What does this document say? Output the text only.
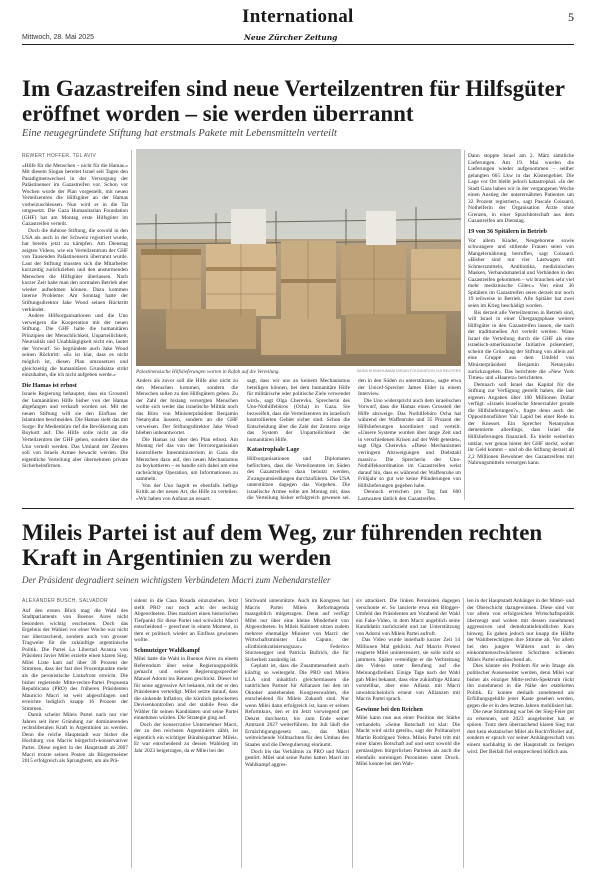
Mittwoch, 28. Mai 2025
International
Neue Zürcher Zeitung
5
Im Gazastreifen sind neue Verteilzentren für Hilfsgüter eröffnet worden – sie werden überrannt
Eine neugegründete Stiftung hat erstmals Pakete mit Lebensmitteln verteilt
REWERT HOFFER, TEL AVIV

«Hilfe für die Menschen – nicht für die Hamas.» Mit diesem Slogan bereitet Israel seit Tagen den Paradigmenwechsel in der Versorgung der Palästinenser im Gazastreifen vor. Schon vor Wochen wurde der Plan vorgestellt, mit neuen Verteilzentren die Hilfsgüter an der Hamas vorbeizuschleusen. Nun wird er in die Tat umgesetzt. Die Gaza Humanitarian Foundation (GHF) hat am Montag erste Hilfsgüter im Gazastreifen verteilt.

Doch die dubiose Stiftung, die sowohl in den USA als auch in der Schweiz registriert wurde, hat bereits jetzt zu kämpfen. Am Dienstag zeigten Videos, wie ein Verteilzentrum der GHF von Tausenden Palästinensern überrannt wurde. Laut der Stiftung mussten sich die Mitarbeiter kurzzeitig zurückziehen und den ansturmenden Menschen die Hilfsgüter überlassen. Nach kurzer Zeit habe man den normalen Betrieb aber wieder aufnehmen können. Dazu kommen interne Probleme: Am Sonntag hatte der Stiftungsdirektor Jake Wood seinen Rücktritt verkündet.

Andere Hilfsorganisationen und die Uno verweigern die Kooperation mit der neuen Stiftung. Die GHF halte die humanitären Prinzipien der Menschlichkeit, Unparteilichkeit, Neutralität und Unabhängigkeit nicht ein, lautet der Vorwurf. So begründete auch Jake Wood seinen Rücktritt: «Es ist klar, dass es nicht möglich ist, diesen Plan umzusetzen und gleichzeitig die humanitären Grundsätze strikt einzuhalten, die ich nicht aufgeben werde.»

Die Hamas ist erbost

Israels Regierung behauptet, dass ein Grossteil der humanitären Hilfe bisher von der Hamas abgefangen und verkauft worden sei. Mit der neuen Stiftung will sie den Einfluss der Islamisten beschneiden. Die Hamas sieht das mit Sorge: Ihr Medienbüro rief die Bevölkerung zum Boykott auf. Die Hilfe solle nicht an die Verteilzentren der GHF gehen, sondern über die Uno verteilt werden. Das Umland der Zentren soll von Israels Armee bewacht werden. Die eigentliche Verteilung aber übernehmen private Sicherheitsfirmen.

Palestinensische Hilfslieferungen warten in Rafah auf die Verteilung.	SAIDA KHAN/HUMANITARIAN FOUNDATION VIA REUTERS

Anders als zuvor soll die Hilfe also nicht zu den Menschen kommen, sondern die Menschen sollen zu den Hilfsgütern gehen. Zu der Zahl der bislang versorgten Menschen wollte sich weder das israelische Militär noch das Büro von Ministerpräsident Benjamin Netanyahu äussern, sondern an die GHF verweisen. Der Stiftungsdirektor Jake Wood blieben unbeantwortet.

Die Hamas ist über den Plan erbost. Am Montag rief das von der Terrororganisation kontrollierte Innenministerium in Gaza die Menschen dazu auf, den neuen Mechanismus zu boykottieren – es handle sich dabei um eine rachsüchtige Operation, um Informationen zu sammeln.

Von der Uno hagelt es ebenfalls heftige Kritik an der neuen Art, die Hilfe zu verteilen. «Wir haben von Anfang an gesagt,

sagt, dass wir uns an keinem Mechanismus beteiligen können, bei dem humanitäre Hilfe für militärische oder politische Ziele verwendet wird», sagt Olga Cherevko, Sprecherin des Uno-Nothilfebüros (Ocha) in Gaza. Sie bezweifelt, dass die Verteilzentren im israelisch kontrollierten Gebiet sicher sind. Schon die Entscheidung über die Zahl der Zentren zeige das System der Unparteilichkeit der humanitären Hilfe.

Katastrophale Lage

Hilfsorganisationen und Diplomaten befürchten, dass die Verteilzentren im Süden des Gazastreifens dazu benutzt werden, Zwangsumsiedlungen durchzuführen. Die USA unterstützen dagegen das Vorgehen. Die israelische Armee teilte am Montag mit, dass die Verteilung bisher erfolgreich gewesen sei.

den in den Süden zu unterstützen», sagte etwa der Unicef-Sprecher James Elder in einem Interview.

Die Uno widerspricht auch dem israelischen Vorwurf, dass die Hamas einen Grossteil der Hilfe abzweige. Das Nothilfebüro Ocha hat während der Waffenruhe und 35 Prozent der Hilfslieferungen koordiniert und verteilt. «Unsere Systeme wurden über lange Zeit und in verschiedenen Krisen auf der Welt getestet», sagt Olga Cherevko. «Diese Mechanismen verringern Abzweigungen und Diebstahl massiv.» Die Sprecherin der Uno-Nothilfekoordination im Gazastreifen weist darauf hin, dass es während der Waffenruhe im Frühjahr so gut wie keine Plünderungen von Hilfslieferungen gegeben habe.

Dennoch erreichen pro Tag fast 600 Lastwagen täglich den Gazastreifen.

Dann stoppte Israel am 2. März sämtliche Lieferungen. Am 19. Mai wurden die Lieferungen wieder aufgenommen – seither gelangten 665 Lkw in das Küstengebiet. Die Lage vor Ort bleibt jedoch katastrophal. «In der Stadt Gaza haben wir in der vergangenen Woche einen Anstieg der unterernährten Patienten um 32 Prozent registriert», sagt Pascale Coissard, Nothelferin der Organisation Ärzte ohne Grenzen, in einer Sprachbotschaft aus dem Gazastreifen am Dienstag.

19 von 36 Spitälern in Betrieb

Vor allem Kinder, Neugeborene sowie schwangere und stillende Frauen seien von Mangelernährung betroffen, sagt Coissard. «Bisher sind nur vier Lastwagen mit Schmerzmitteln, Antibiotika, medizinischen Masken, Verbandsmaterial und Verbänden in den Gazastreifen gekommen – wir brauchen sehr viel mehr medizinische Güter.» Von einst 36 Spitälern im Gazastreifen seien derzeit nur noch 19 teilweise in Betrieb. Alle Spitäler hat zwei seien im Krieg beschädigt worden.

Bis derzeit alle Verteilzentren in Betrieb sind, will Israel in einer Übergangsphase weitere Hilfsgüter in den Gazastreifen lassen, die nach der traditionellen Art verteilt werden. Wann Israel die Verteilung durch die GHF als eine israelisch-amerikanische Initiative präsentiert, scheint die Gründung der Stiftung von allein auf eine Gruppe aus dem Umfeld von Ministerpräsident Benjamin Netanyahu zurückzugehen. Das berichtete die «New York Times» und «Haaretz» berichteten.

Demnach soll Israel das Kapital für die Stiftung zur Verfügung gestellt haben, die laut eigenen Angaben über 100 Millionen Dollar verfügt. «Israels israelische Steuerzahler gerade die Hilfslieferungen?», fragte denn auch der Oppositionsführer Yair Lapid bei einer Rede in der Knesset. Ein Sprecher Netanyahus dementierte allerdings, dass Israel die Hilfslieferungen finanziell. Es bleibt weiterhin unklar, wer genau hinter der GHF steckt, woher ihr Geld kommt – und ob die Stiftung derzeit all 2,2 Millionen Bewohner des Gazastreifens mit Nahrungsmitteln versorgen kann.

Mileis Partei ist auf dem Weg, zur führenden rechten Kraft in Argentinien zu werden
Der Präsident degradiert seinen wichtigsten Verbündeten Macri zum Nebendarsteller
ALEXANDER BUSCH, SALVADOR

Auf den ersten Blick mag die Wahl des Stadtparlaments von Buenos Aires nicht besonders wichtig erscheinen. Doch das Ergebnis der Wahlen vor einer Woche war nicht nur überraschend, sondern auch von grosser Tragweite für die zukünftige argentinische Politik. Die Partei La Libertad Avanza von Präsident Javier Milei erzielte einen klaren Sieg. Milei Liste kam auf über 30 Prozent der Stimmen, dass der fast drei Prozentpunkte mehr als die peronistische Linksfront erreicht. Die bisher regierende Mitte-rechts-Partei Propuesta Republicana (PRO) des früheren Präsidenten Mauricio Macri ist weit abgeschlagen und erreichte lediglich knapp 16 Prozent der Stimmen.

Damit scheint Mileis Partei nach nur vier Jahren seit ihrer Gründung zur dominierenden rechtsliberalen Kraft in Argentinien zu werden. Denn die reiche Hauptstadt war bisher die Hochburg von Macris bürgerlich-konservativer Partei. Diese regiert in der Hauptstadt ab 2007 Macri trotzte seinen Posten als Bürgermeister 2015 erfolgreich als Sprungbrett, um als Prä-

sident in die Casa Rosada einzuziehen. Jetzt stellt PRO nur noch acht der sechzig Abgeordneten. Dies markiert einen historischen Tiefpunkt für diese Partei und schwächt Macri entscheidend – gerechnet in einem Moment, in dem er politisch wieder an Einfluss gewinnen wollte.

Schmutziger Wahlkampf

Milei hatte die Wahl in Buenos Aires zu einem Referendum über seine Regierungspolitik gemacht und seinen Regierungssprecher Manuel Adorni ins Rennen geschickt. Dieser ist für seine aggressive Art bekannt, mit der er den Präsidenten verteidigt. Milei setzte darauf, dass die sinkende Inflation, die kürzlich gelockerten Devisenkontrollen und der stabile Peso die Wähler für seinen Kandidaten und seine Partei einnehmen würden. Die Strategie ging auf.

Doch der konservative Unternehmer Macri, der zu den reichsten Argentiniern zählt, ist eigentlich ein wichtiger Bündnispartner Mileis. Er war entscheidend zu dessen Wahlsieg im Jahr 2023 beigetragen, da er Milei bei der

Stichwahl unterstützte. Auch im Kongress hat Macris Partei Mileis Reformagenda massgeblich mitgetragen. Denn auf verfügt Milei nur über eine kleine Minderheit von Abgeordneten. In Mileis Kabinett sitzen zudem mehrere ehemalige Minister von Macri: der Wirtschaftsminister Luis Caputo, der «Entbürokratisierungszar» Federico Sturzenegger und Patricia Bullrich, die für Sicherheit zuständig ist.

Geplant ist, dass die Zusammenarbeit auch künftig so weitergeht. Die PRO und Mileis LLA sind inhaltlich gleichermassen die natürlichen Partner für Allianzen bei den im Oktober anstehenden Kongresswahlen, die entscheidend für Mileis Zukunft sind. Nur wenn Milei dann erfolgreich ist, kann er seinen Reformkurs, den er im Jetzt vorwiegend per Dekret durchsetzt, bis zum Ende seiner Amtszeit 2027 weiterführen. Im Juli läuft die Ermächtigungsgesetz aus, das Milei weitreichende Vollmachten für den Umbau des Staates und die Deregulierung einräumt.

Doch bis das Verhältnis zu PRO und Macri gestört. Milei und seine Partei hatten Macri im Wahlkampf aggres-

siv attackiert. Die linken Peronisten dagegen verschonte er. So lancierte etwa ein Blogger-Umfeld des Präsidenten am Vorabend der Wahl ein Fake-Video, in dem Macri angeblich seine Kandidatin zurückzieht und zur Unterstützung von Adorni von Mileis Partei aufruft.

Das Video wurde innerhalb kurzer Zeit 14 Millionen Mal geklickt. Auf Macris Protest reagierte Milei uninteressiert, sie solle nicht so jammern. Später verteidigte er die Verbreitung des Videos unter Berufung auf die Meinungsfreiheit. Einige Tage nach der Wahl gab Milei bekannt, dass eine zukünftige Allianz vorstellbar, aber eine Allianz mit Macri unwahrscheinlich erneut von Allianzen mit Macris Partei sprach.

Gewinne bei den Reichen

Milei kann nun aus einer Position der Stärke verhandeln. «Seine Botschaft ist klar: Die Macht wird nicht geteilt», sagt der Politanalyst Martín Rodríguez Yebra. Mileis Partei tritt mit einer klaren Botschaft auf und setzt sowohl die gemässigten bürgerlichen Parteien als auch die ebenfalls unreinigen Peronisten unter Druck. Milei konnte bei den Wah-

len in der Hauptstadt Anhänger in der Mittel- und der Oberschicht dazugewinnen. Diese sind vor vor allem von erfolgreichen Wirtschaftspolitik überzeugt und wohen mit dessen zunehmend aggressiven und demokratiefeindlichen Kurs hinweg. Es gaben jedoch nur knapp die Hälfte der Wahlberechtigten ihre Stimme ab. Vor allem bei den jungen Wählern und in den einkommensschwächeren Schichten schienen Mileis Partei enttäuschend ab.

Dies könnte ein Problem für sein Image als politischer Aussenseiter werden, denn Milei war bisher als einziger Mitte-rechts-Spektrum rückt ihn zunehmend in die Nähe der etablierten Politik. Er konnte deshalb zunehmend als Erfüllungsgehilfe jener Kaste gesehen werden, gegen die er in den letzten Jahren mobilisiert hat.

Die neue Stimmung war bei der Sieg-Feier gut zu erkennen, seit 2023 ausgebreitet hat: er spüren. Trotz dem überraschend klaren Sieg trat dort kein ekstatischer Milei als Rock'n'Roller auf, sondern er sprach vor seiner Anhängerschaft von einem nachhaltig in der Hauptstadt zu festigen wird. Der Beifall fiel entsprechend höflich aus.
